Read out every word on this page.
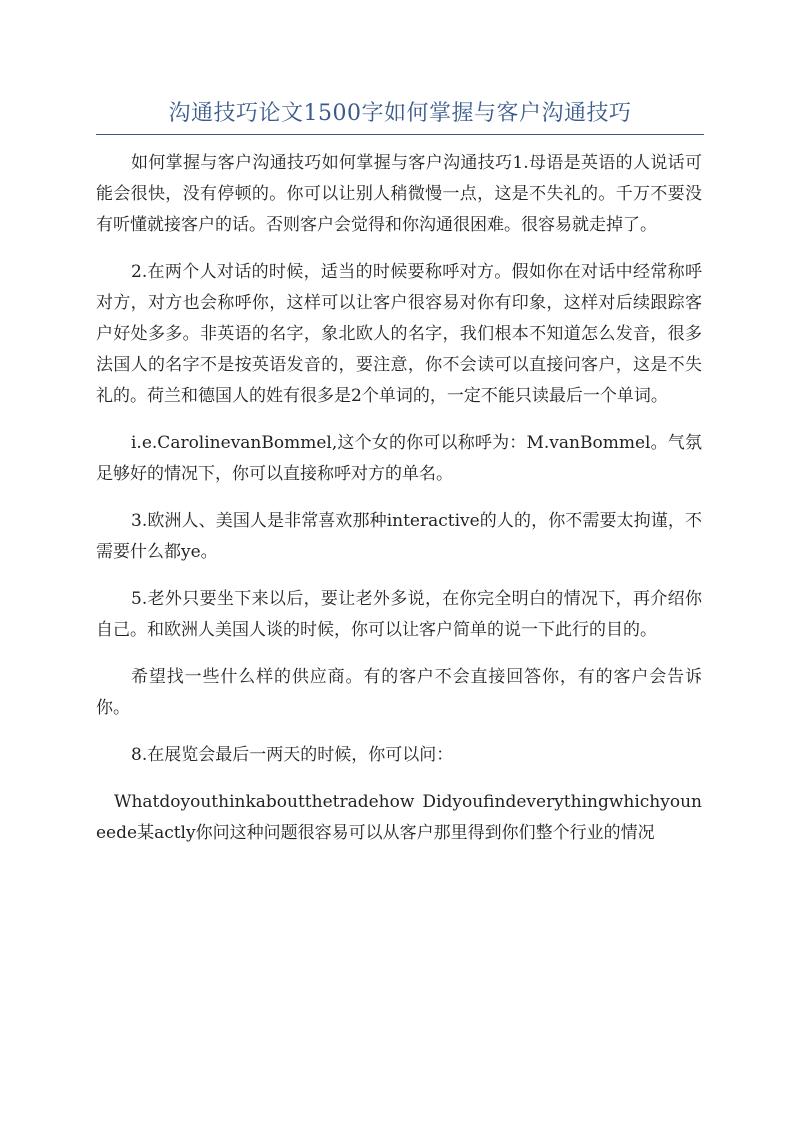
沟通技巧论文1500字如何掌握与客户沟通技巧

如何掌握与客户沟通技巧如何掌握与客户沟通技巧1.母语是英语的人说话可能会很快，没有停顿的。你可以让别人稍微慢一点，这是不失礼的。千万不要没有听懂就接客户的话。否则客户会觉得和你沟通很困难。很容易就走掉了。

2.在两个人对话的时候，适当的时候要称呼对方。假如你在对话中经常称呼对方，对方也会称呼你，这样可以让客户很容易对你有印象，这样对后续跟踪客户好处多多。非英语的名字，象北欧人的名字，我们根本不知道怎么发音，很多法国人的名字不是按英语发音的，要注意，你不会读可以直接问客户，这是不失礼的。荷兰和德国人的姓有很多是2个单词的，一定不能只读最后一个单词。

i.e.CarolinevanBommel,这个女的你可以称呼为：M.vanBommel。气氛足够好的情况下，你可以直接称呼对方的单名。

3.欧洲人、美国人是非常喜欢那种interactive的人的，你不需要太拘谨，不需要什么都ye。

5.老外只要坐下来以后，要让老外多说，在你完全明白的情况下，再介绍你自己。和欧洲人美国人谈的时候，你可以让客户简单的说一下此行的目的。

希望找一些什么样的供应商。有的客户不会直接回答你，有的客户会告诉你。

8.在展览会最后一两天的时候，你可以问：

Whatdoyouthinkaboutthetradehow Didyoufindeverythingwhichyouneede某actly你问这种问题很容易可以从客户那里得到你们整个行业的情况
